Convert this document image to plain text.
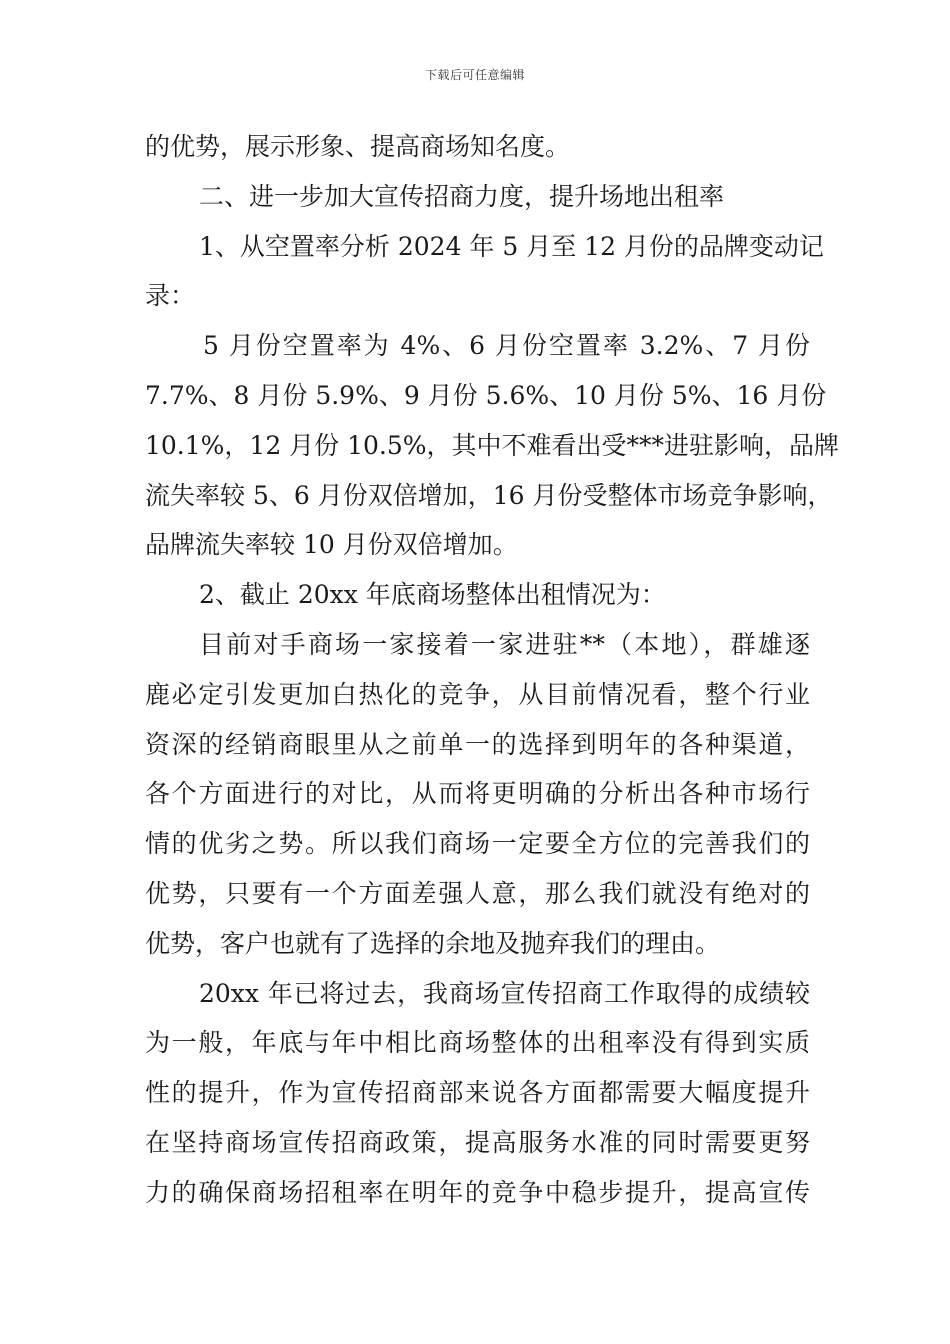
下载后可任意编辑
的优势，展示形象、提高商场知名度。
二、进一步加大宣传招商力度，提升场地出租率
1、从空置率分析 2024 年 5 月至 12 月份的品牌变动记
录：
5 月份空置率为 4%、6 月份空置率 3.2%、7 月份
7.7%、8 月份 5.9%、9 月份 5.6%、10 月份 5%、16 月份
10.1%，12 月份 10.5%，其中不难看出受***进驻影响，品牌
流失率较 5、6 月份双倍增加，16 月份受整体市场竞争影响，
品牌流失率较 10 月份双倍增加。
2、截止 20xx 年底商场整体出租情况为：
目前对手商场一家接着一家进驻**（本地），群雄逐
鹿必定引发更加白热化的竞争，从目前情况看，整个行业
资深的经销商眼里从之前单一的选择到明年的各种渠道，
各个方面进行的对比，从而将更明确的分析出各种市场行
情的优劣之势。所以我们商场一定要全方位的完善我们的
优势，只要有一个方面差强人意，那么我们就没有绝对的
优势，客户也就有了选择的余地及抛弃我们的理由。
20xx 年已将过去，我商场宣传招商工作取得的成绩较
为一般，年底与年中相比商场整体的出租率没有得到实质
性的提升，作为宣传招商部来说各方面都需要大幅度提升
在坚持商场宣传招商政策，提高服务水准的同时需要更努
力的确保商场招租率在明年的竞争中稳步提升，提高宣传
